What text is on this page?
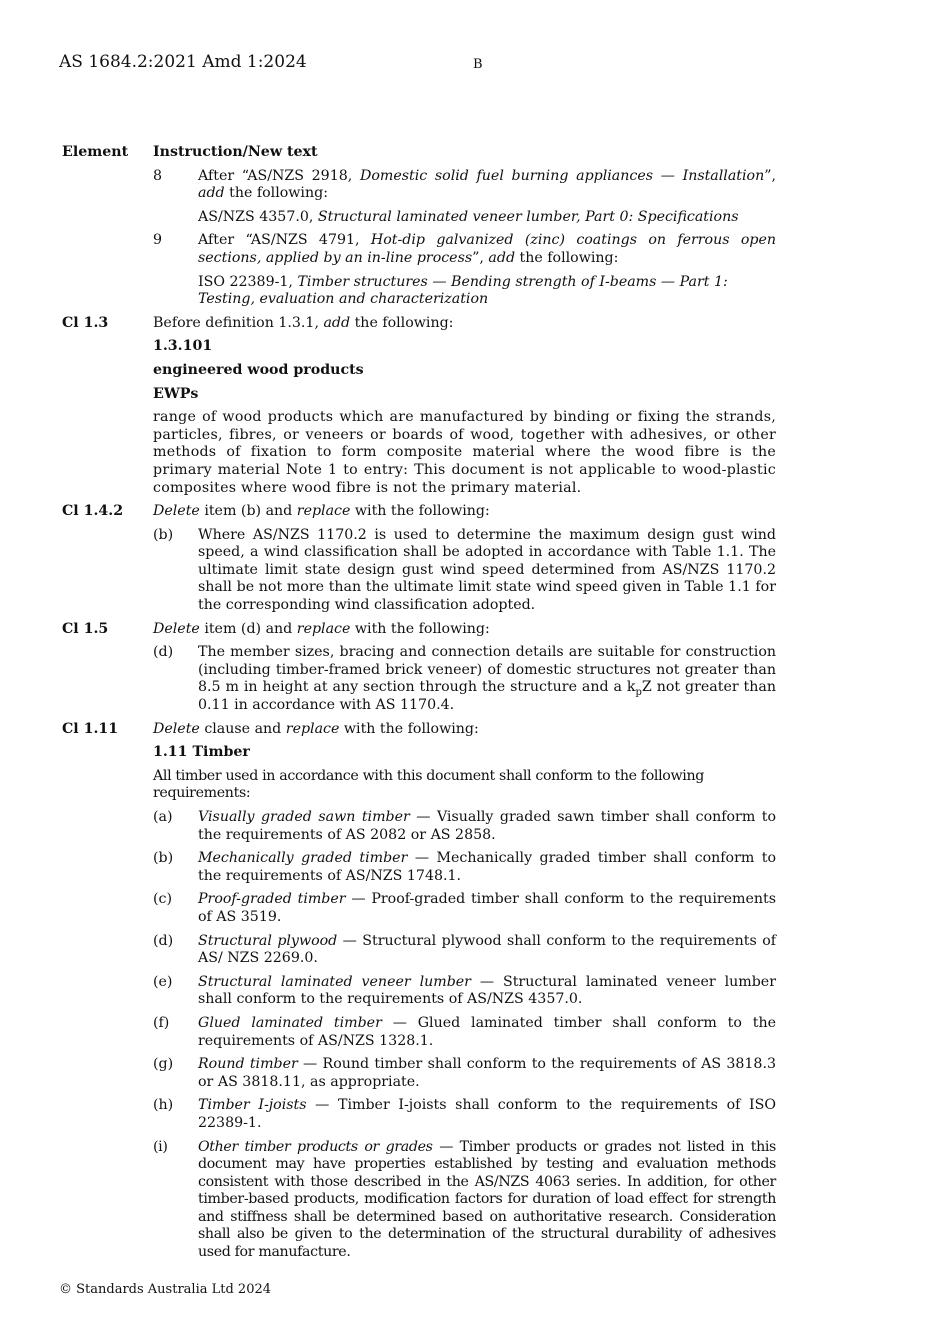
AS 1684.2:2021 Amd 1:2024	B
Element Instruction/New text

8	After “AS/NZS 2918, Domestic solid fuel burning appliances — Installation”, add the following:

AS/NZS 4357.0, Structural laminated veneer lumber, Part 0: Specifications

9	After “AS/NZS 4791, Hot-dip galvanized (zinc) coatings on ferrous open sections, applied by an in-line process”, add the following:

ISO 22389-1, Timber structures — Bending strength of I-beams — Part 1: Testing, evaluation and characterization

Cl 1.3	Before definition 1.3.1, add the following:

1.3.101

engineered wood products

EWPs

range of wood products which are manufactured by binding or fixing the strands, particles, fibres, or veneers or boards of wood, together with adhesives, or other methods of fixation to form composite material where the wood fibre is the primary material Note 1 to entry: This document is not applicable to wood-plastic composites where wood fibre is not the primary material.

Cl 1.4.2 Delete item (b) and replace with the following:

(b) Where AS/NZS 1170.2 is used to determine the maximum design gust wind speed, a wind classification shall be adopted in accordance with Table 1.1. The ultimate limit state design gust wind speed determined from AS/NZS 1170.2 shall be not more than the ultimate limit state wind speed given in Table 1.1 for the corresponding wind classification adopted.
Cl 1.5	Delete item (d) and replace with the following:

(d) The member sizes, bracing and connection details are suitable for construction (including timber-framed brick veneer) of domestic structures not greater than 8.5 m in height at any section through the structure and a $k_pZ$ not greater than 0.11 in accordance with AS 1170.4.
Cl 1.11 Delete clause and replace with the following:

1.11 Timber

All timber used in accordance with this document shall conform to the following requirements:

(a) Visually graded sawn timber — Visually graded sawn timber shall conform to the requirements of AS 2082 or AS 2858.
(b) Mechanically graded timber — Mechanically graded timber shall conform to the requirements of AS/NZS 1748.1.
(c) Proof-graded timber — Proof-graded timber shall conform to the requirements of AS 3519.
(d) Structural plywood — Structural plywood shall conform to the requirements of AS/ NZS 2269.0.
(e) Structural laminated veneer lumber — Structural laminated veneer lumber shall conform to the requirements of AS/NZS 4357.0.
(f) Glued laminated timber — Glued laminated timber shall conform to the requirements of AS/NZS 1328.1.
(g) Round timber — Round timber shall conform to the requirements of AS 3818.3 or AS 3818.11, as appropriate.
(h) Timber I-joists — Timber I-joists shall conform to the requirements of ISO 22389-1.
(i) Other timber products or grades — Timber products or grades not listed in this document may have properties established by testing and evaluation methods consistent with those described in the AS/NZS 4063 series. In addition, for other timber-based products, modification factors for duration of load effect for strength and stiffness shall be determined based on authoritative research. Consideration shall also be given to the determination of the structural durability of adhesives used for manufacture.
© Standards Australia Ltd 2024
